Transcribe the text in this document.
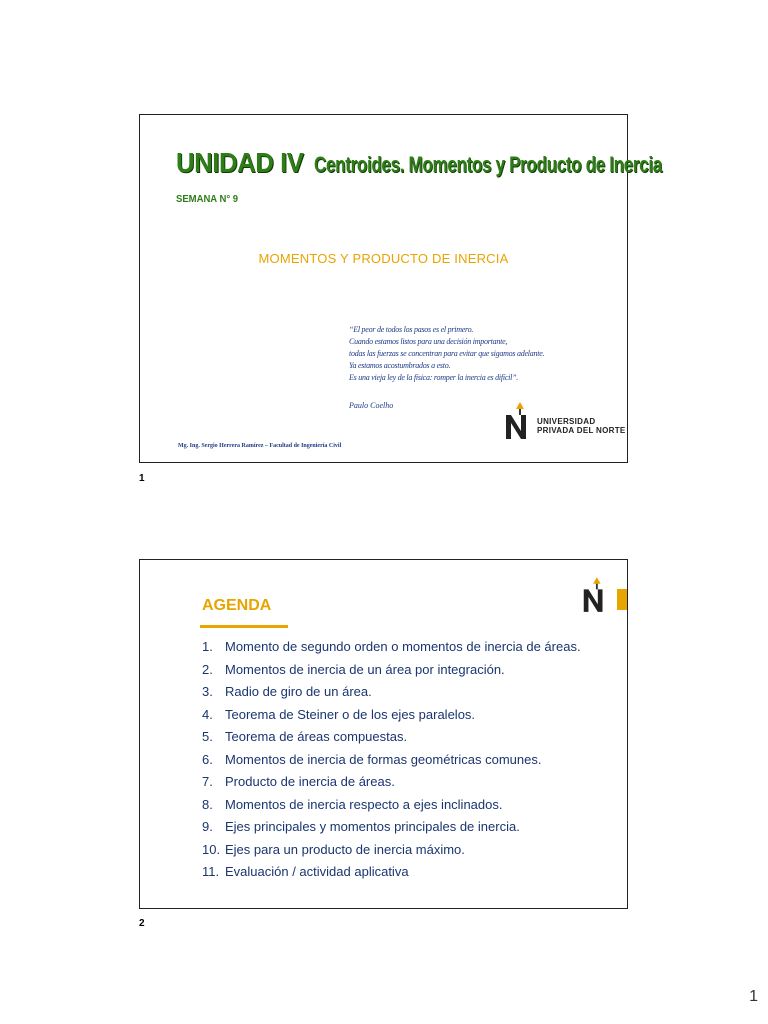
UNIDAD IV Centroides. Momentos y Producto de Inercia
SEMANA N° 9
MOMENTOS Y PRODUCTO DE INERCIA
“El peor de todos los pasos es el primero.
Cuando estamos listos para una decisión importante,
todas las fuerzas se concentran para evitar que sigamos adelante.
Ya estamos acostumbrados a esto.
Es una vieja ley de la física: romper la inercia es difícil”.
Paulo Coelho
Mg. Ing. Sergio Herrera Ramírez – Facultad de Ingeniería Civil
UNIVERSIDAD
PRIVADA DEL NORTE
1
AGENDA
1. Momento de segundo orden o momentos de inercia de áreas.
2. Momentos de inercia de un área por integración.
3. Radio de giro de un área.
4. Teorema de Steiner o de los ejes paralelos.
5. Teorema de áreas compuestas.
6. Momentos de inercia de formas geométricas comunes.
7. Producto de inercia de áreas.
8. Momentos de inercia respecto a ejes inclinados.
9. Ejes principales y momentos principales de inercia.
10. Ejes para un producto de inercia máximo.
11. Evaluación / actividad aplicativa
2
1
